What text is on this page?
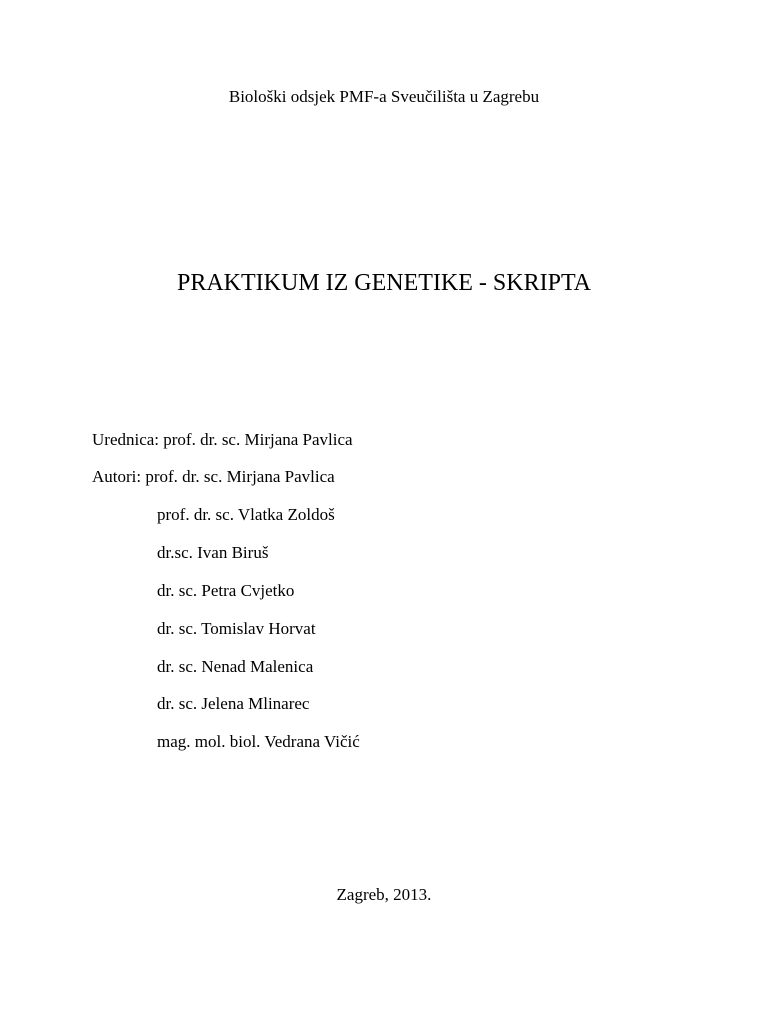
Biološki odsjek PMF-a Sveučilišta u Zagrebu
PRAKTIKUM IZ GENETIKE - SKRIPTA
Urednica: prof. dr. sc. Mirjana Pavlica
Autori: prof. dr. sc. Mirjana Pavlica
prof. dr. sc. Vlatka Zoldoš
dr.sc. Ivan Biruš
dr. sc. Petra Cvjetko
dr. sc. Tomislav Horvat
dr. sc. Nenad Malenica
dr. sc. Jelena Mlinarec
mag. mol. biol. Vedrana Vičić
Zagreb, 2013.
